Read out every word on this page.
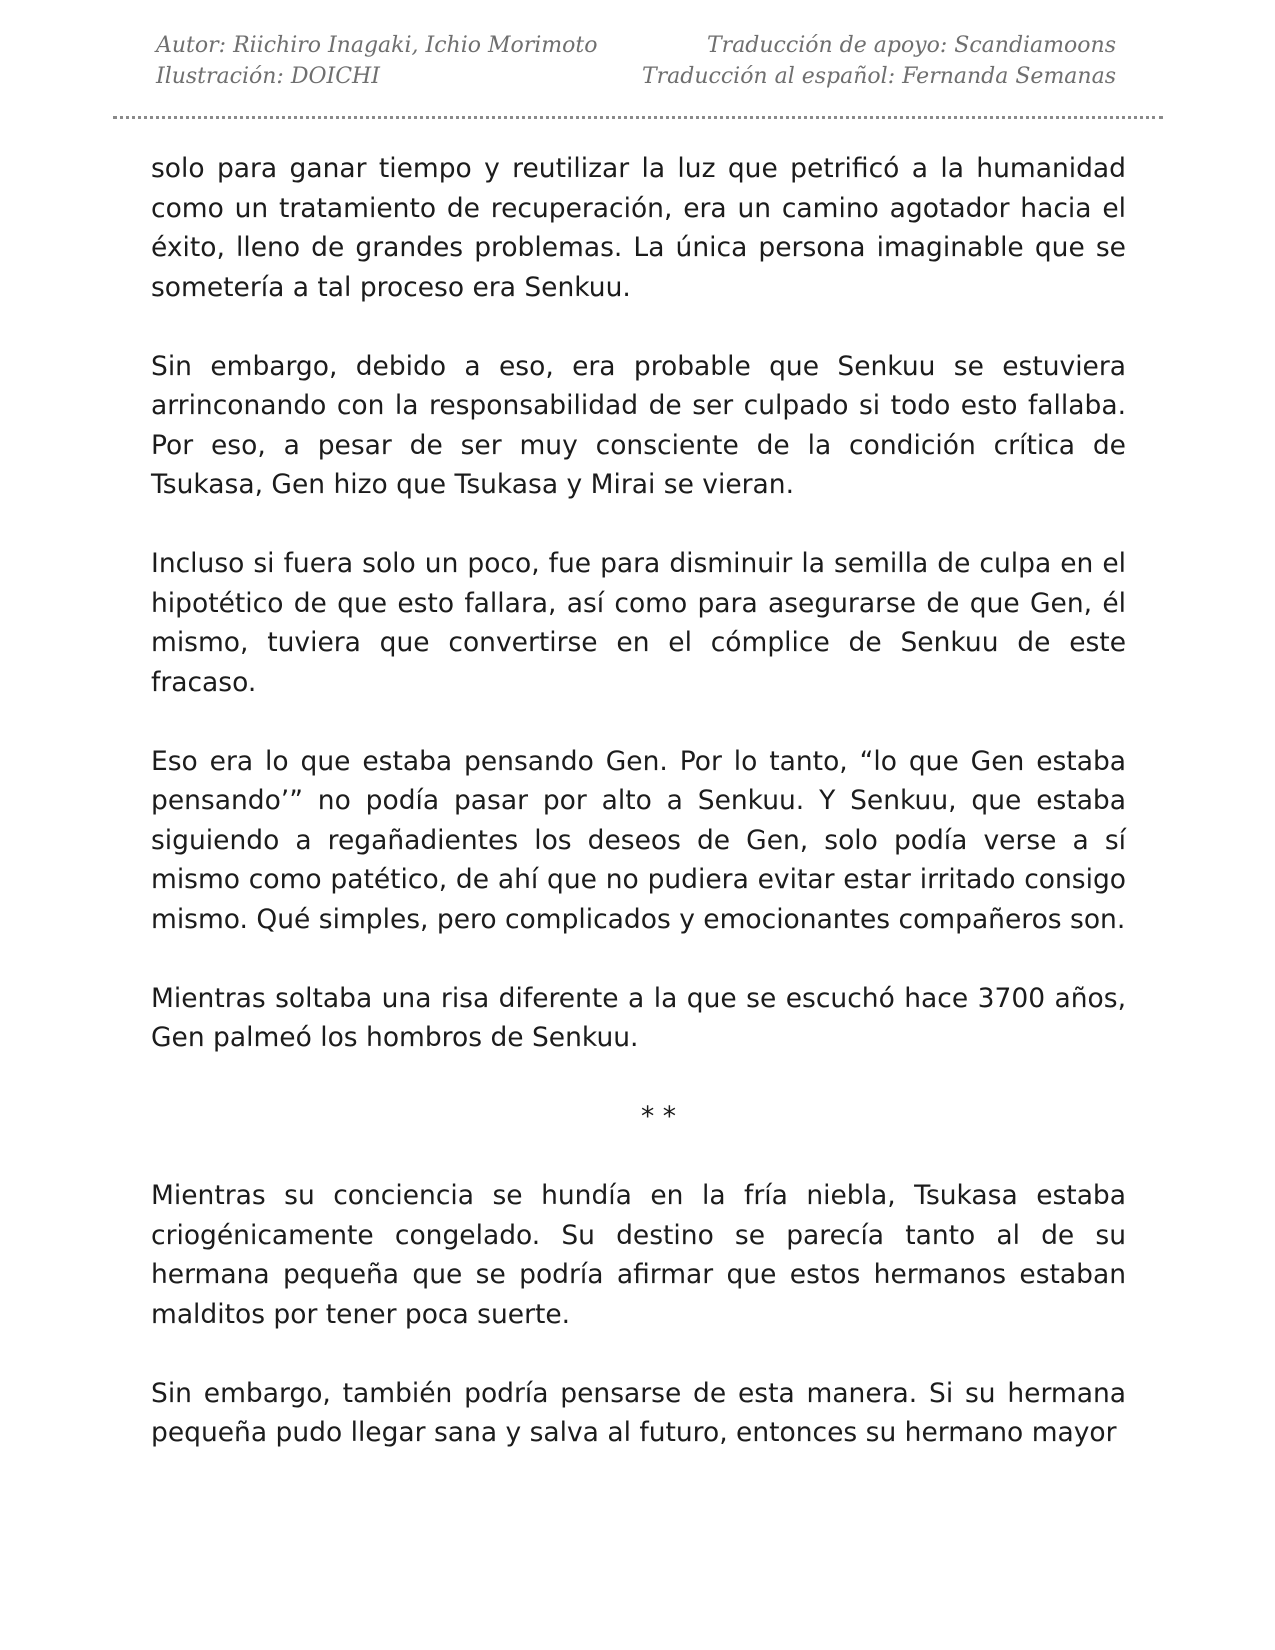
Autor: Riichiro Inagaki, Ichio Morimoto
Ilustración: DOICHI
Traducción de apoyo: Scandiamoons
Traducción al español: Fernanda Semanas

solo para ganar tiempo y reutilizar la luz que petrificó a la humanidad como un tratamiento de recuperación, era un camino agotador hacia el éxito, lleno de grandes problemas. La única persona imaginable que se sometería a tal proceso era Senkuu.

Sin embargo, debido a eso, era probable que Senkuu se estuviera arrinconando con la responsabilidad de ser culpado si todo esto fallaba. Por eso, a pesar de ser muy consciente de la condición crítica de Tsukasa, Gen hizo que Tsukasa y Mirai se vieran.

Incluso si fuera solo un poco, fue para disminuir la semilla de culpa en el hipotético de que esto fallara, así como para asegurarse de que Gen, él mismo, tuviera que convertirse en el cómplice de Senkuu de este fracaso.

Eso era lo que estaba pensando Gen. Por lo tanto, “lo que Gen estaba pensando’” no podía pasar por alto a Senkuu. Y Senkuu, que estaba siguiendo a regañadientes los deseos de Gen, solo podía verse a sí mismo como patético, de ahí que no pudiera evitar estar irritado consigo mismo. Qué simples, pero complicados y emocionantes compañeros son.

Mientras soltaba una risa diferente a la que se escuchó hace 3700 años, Gen palmeó los hombros de Senkuu.

* *

Mientras su conciencia se hundía en la fría niebla, Tsukasa estaba criogénicamente congelado. Su destino se parecía tanto al de su hermana pequeña que se podría afirmar que estos hermanos estaban malditos por tener poca suerte.

Sin embargo, también podría pensarse de esta manera. Si su hermana pequeña pudo llegar sana y salva al futuro, entonces su hermano mayor
